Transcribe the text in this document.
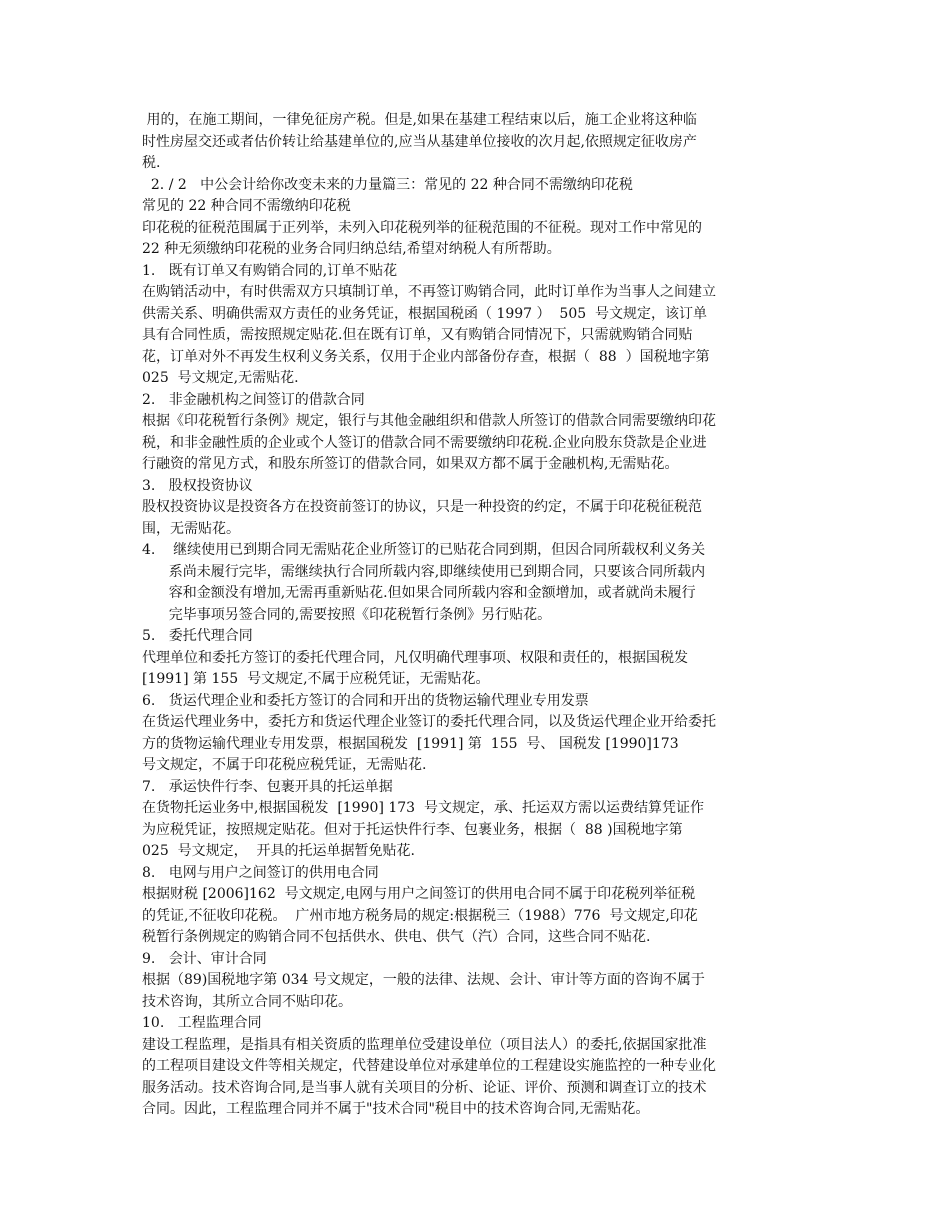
用的，在施工期间，一律免征房产税。但是,如果在基建工程结束以后，施工企业将这种临
时性房屋交还或者估价转让给基建单位的,应当从基建单位接收的次月起,依照规定征收房产
税.
2. / 2   中公会计给你改变未来的力量篇三：常见的 22 种合同不需缴纳印花税
常见的 22 种合同不需缴纳印花税
印花税的征税范围属于正列举，未列入印花税列举的征税范围的不征税。现对工作中常见的
22 种无须缴纳印花税的业务合同归纳总结,希望对纳税人有所帮助。
1.   既有订单又有购销合同的,订单不贴花
在购销活动中，有时供需双方只填制订单，不再签订购销合同，此时订单作为当事人之间建立
供需关系、明确供需双方责任的业务凭证，根据国税函（ 1997 ）  505  号文规定，该订单
具有合同性质，需按照规定贴花.但在既有订单，又有购销合同情况下，只需就购销合同贴
花，订单对外不再发生权利义务关系，仅用于企业内部备份存查，根据（  88  ）国税地字第
025  号文规定,无需贴花.
2.   非金融机构之间签订的借款合同
根据《印花税暂行条例》规定，银行与其他金融组织和借款人所签订的借款合同需要缴纳印花
税，和非金融性质的企业或个人签订的借款合同不需要缴纳印花税.企业向股东贷款是企业进
行融资的常见方式，和股东所签订的借款合同，如果双方都不属于金融机构,无需贴花。
3.   股权投资协议
股权投资协议是投资各方在投资前签订的协议，只是一种投资的约定，不属于印花税征税范
围，无需贴花。
4.    继续使用已到期合同无需贴花企业所签订的已贴花合同到期，但因合同所载权利义务关
系尚未履行完毕，需继续执行合同所载内容,即继续使用已到期合同，只要该合同所载内
容和金额没有增加,无需再重新贴花.但如果合同所载内容和金额增加，或者就尚未履行
完毕事项另签合同的,需要按照《印花税暂行条例》另行贴花。
5.   委托代理合同
代理单位和委托方签订的委托代理合同，凡仅明确代理事项、权限和责任的，根据国税发
[1991] 第 155  号文规定,不属于应税凭证，无需贴花。
6.   货运代理企业和委托方签订的合同和开出的货物运输代理业专用发票
在货运代理业务中，委托方和货运代理企业签订的委托代理合同，以及货运代理企业开给委托
方的货物运输代理业专用发票，根据国税发  [1991] 第  155  号、 国税发 [1990]173
号文规定，不属于印花税应税凭证，无需贴花.
7.   承运快件行李、包裹开具的托运单据
在货物托运业务中,根据国税发  [1990] 173  号文规定，承、托运双方需以运费结算凭证作
为应税凭证，按照规定贴花。但对于托运快件行李、包裹业务，根据（  88 )国税地字第
025  号文规定，  开具的托运单据暂免贴花.
8.   电网与用户之间签订的供用电合同
根据财税 [2006]162  号文规定,电网与用户之间签订的供用电合同不属于印花税列举征税
的凭证,不征收印花税。  广州市地方税务局的规定:根据税三（1988）776  号文规定,印花
税暂行条例规定的购销合同不包括供水、供电、供气（汽）合同，这些合同不贴花.
9.   会计、审计合同
根据（89)国税地字第 034 号文规定，一般的法律、法规、会计、审计等方面的咨询不属于
技术咨询，其所立合同不贴印花。
10.   工程监理合同
建设工程监理，是指具有相关资质的监理单位受建设单位（项目法人）的委托,依据国家批准
的工程项目建设文件等相关规定，代替建设单位对承建单位的工程建设实施监控的一种专业化
服务活动。技术咨询合同,是当事人就有关项目的分析、论证、评价、预测和调查订立的技术
合同。因此，工程监理合同并不属于"技术合同"税目中的技术咨询合同,无需贴花。
